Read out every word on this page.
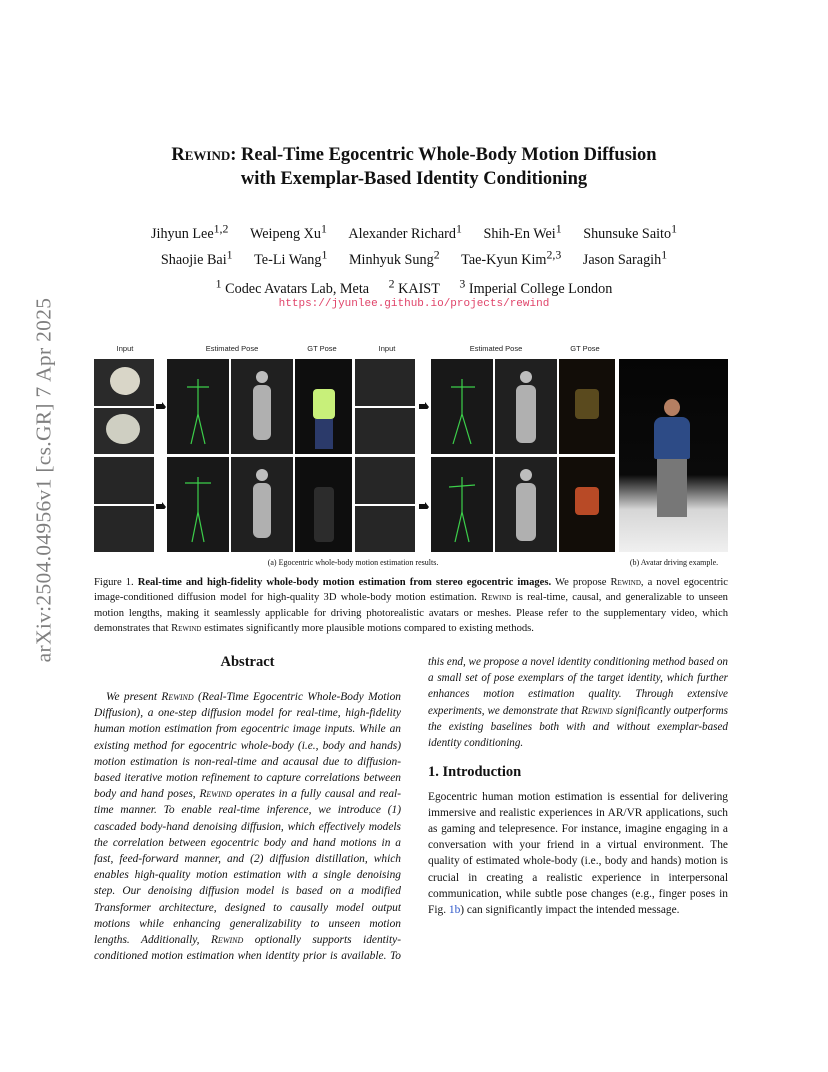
arXiv:2504.04956v1 [cs.GR] 7 Apr 2025
Rewind: Real-Time Egocentric Whole-Body Motion Diffusion
with Exemplar-Based Identity Conditioning
Jihyun Lee$^{1,2}$ Weipeng Xu$^1$ Alexander Richard$^1$ Shih-En Wei$^1$ Shunsuke Saito$^1$
Shaojie Bai$^1$ Te-Li Wang$^1$ Minhyuk Sung$^2$ Tae-Kyun Kim$^{2,3}$ Jason Saragih$^1$
$^1$ Codec Avatars Lab, Meta $^2$ KAIST $^3$ Imperial College London
https://jyunlee.github.io/projects/rewind
Input	Estimated Pose	GT Pose	Input	Estimated Pose	GT Pose
(a) Egocentric whole-body motion estimation results.	(b) Avatar driving example.
Figure 1. Real-time and high-fidelity whole-body motion estimation from stereo egocentric images. We propose Rewind, a novel egocentric image-conditioned diffusion model for high-quality 3D whole-body motion estimation. Rewind is real-time, causal, and generalizable to unseen motion lengths, making it seamlessly applicable for driving photorealistic avatars or meshes. Please refer to the supplementary video, which demonstrates that Rewind estimates significantly more plausible motions compared to existing methods.
Abstract

We present Rewind (Real-Time Egocentric Whole-Body Motion Diffusion), a one-step diffusion model for real-time, high-fidelity human motion estimation from egocentric image inputs. While an existing method for egocentric whole-body (i.e., body and hands) motion estimation is non-real-time and acausal due to diffusion-based iterative motion refinement to capture correlations between body and hand poses, Rewind operates in a fully causal and real-time manner. To enable real-time inference, we introduce (1) cascaded body-hand denoising diffusion, which effectively models the correlation between egocentric body and hand motions in a fast, feed-forward manner, and (2) diffusion distillation, which enables high-quality motion estimation with a single denoising step. Our denoising diffusion model is based on a modified Transformer architecture, designed to causally model output motions while enhancing generalizability to unseen motion lengths. Additionally, Rewind optionally supports identity-conditioned motion estimation when identity prior is available. To

this end, we propose a novel identity conditioning method based on a small set of pose exemplars of the target identity, which further enhances motion estimation quality. Through extensive experiments, we demonstrate that Rewind significantly outperforms the existing baselines both with and without exemplar-based identity conditioning.

1. Introduction

Egocentric human motion estimation is essential for delivering immersive and realistic experiences in AR/VR applications, such as gaming and telepresence. For instance, imagine engaging in a conversation with your friend in a virtual environment. The quality of estimated whole-body (i.e., body and hands) motion is crucial in creating a realistic experience in interpersonal communication, while subtle pose changes (e.g., finger poses in Fig. 1b) can significantly impact the intended message.
